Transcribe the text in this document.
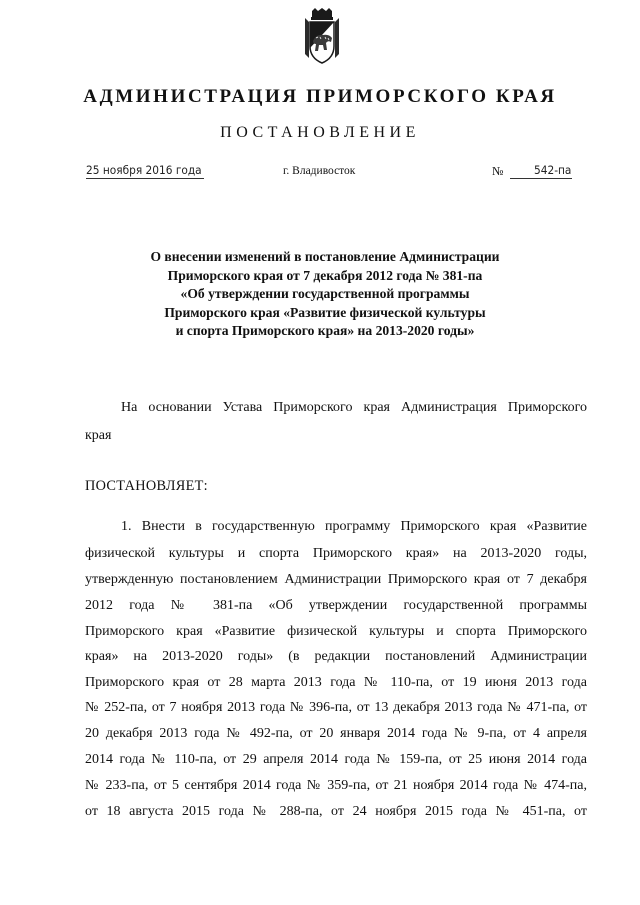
АДМИНИСТРАЦИЯ ПРИМОРСКОГО КРАЯ
ПОСТАНОВЛЕНИЕ
25 ноября 2016 года	г. Владивосток	№	542-па
О внесении изменений в постановление Администрации
Приморского края от 7 декабря 2012 года № 381-па
«Об утверждении государственной программы
Приморского края «Развитие физической культуры
и спорта Приморского края» на 2013-2020 годы»
На основании Устава Приморского края Администрация Приморского
края
ПОСТАНОВЛЯЕТ:
1. Внести в государственную программу Приморского края «Развитие
физической культуры и спорта Приморского края» на 2013-2020 годы,
утвержденную постановлением Администрации Приморского края от 7 декабря
2012 года № 381-па «Об утверждении государственной программы
Приморского края «Развитие физической культуры и спорта Приморского
края» на 2013-2020 годы» (в редакции постановлений Администрации
Приморского края от 28 марта 2013 года № 110-па, от 19 июня 2013 года
№ 252-па, от 7 ноября 2013 года № 396-па, от 13 декабря 2013 года № 471-па, от
20 декабря 2013 года № 492-па, от 20 января 2014 года № 9-па, от 4 апреля
2014 года № 110-па, от 29 апреля 2014 года № 159-па, от 25 июня 2014 года
№ 233-па, от 5 сентября 2014 года № 359-па, от 21 ноября 2014 года № 474-па,
от 18 августа 2015 года № 288-па, от 24 ноября 2015 года № 451-па, от
